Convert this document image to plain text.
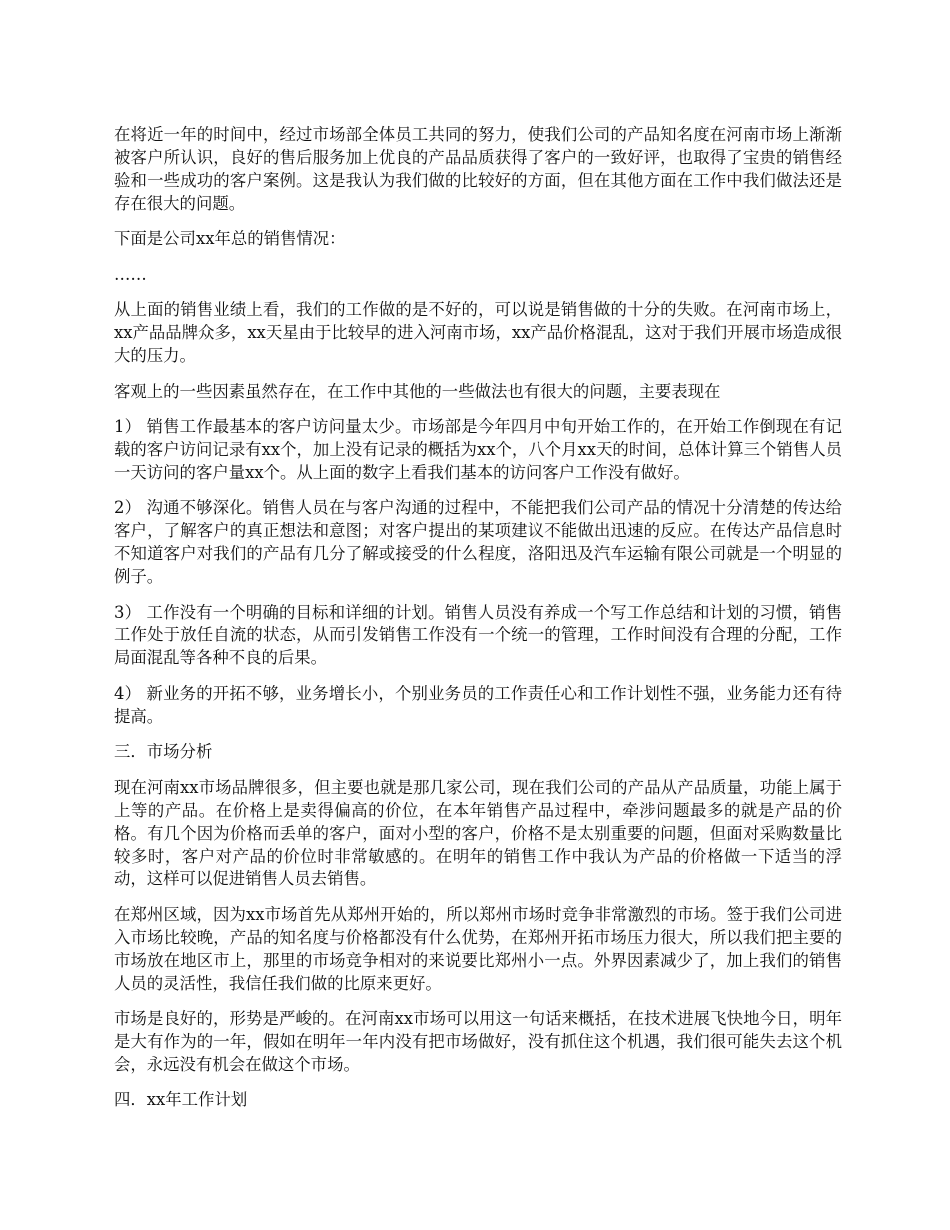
在将近一年的时间中，经过市场部全体员工共同的努力，使我们公司的产品知名度在河南市场上渐渐被客户所认识，良好的售后服务加上优良的产品品质获得了客户的一致好评，也取得了宝贵的销售经验和一些成功的客户案例。这是我认为我们做的比较好的方面，但在其他方面在工作中我们做法还是存在很大的问题。

下面是公司xx年总的销售情况：

……

从上面的销售业绩上看，我们的工作做的是不好的，可以说是销售做的十分的失败。在河南市场上，xx产品品牌众多，xx天星由于比较早的进入河南市场，xx产品价格混乱，这对于我们开展市场造成很大的压力。

客观上的一些因素虽然存在，在工作中其他的一些做法也有很大的问题，主要表现在

1） 销售工作最基本的客户访问量太少。市场部是今年四月中旬开始工作的，在开始工作倒现在有记载的客户访问记录有xx个，加上没有记录的概括为xx个，八个月xx天的时间，总体计算三个销售人员一天访问的客户量xx个。从上面的数字上看我们基本的访问客户工作没有做好。

2） 沟通不够深化。销售人员在与客户沟通的过程中，不能把我们公司产品的情况十分清楚的传达给客户，了解客户的真正想法和意图；对客户提出的某项建议不能做出迅速的反应。在传达产品信息时不知道客户对我们的产品有几分了解或接受的什么程度，洛阳迅及汽车运输有限公司就是一个明显的例子。

3） 工作没有一个明确的目标和详细的计划。销售人员没有养成一个写工作总结和计划的习惯，销售工作处于放任自流的状态，从而引发销售工作没有一个统一的管理，工作时间没有合理的分配，工作局面混乱等各种不良的后果。

4） 新业务的开拓不够，业务增长小，个别业务员的工作责任心和工作计划性不强，业务能力还有待提高。

三．市场分析

现在河南xx市场品牌很多，但主要也就是那几家公司，现在我们公司的产品从产品质量，功能上属于上等的产品。在价格上是卖得偏高的价位，在本年销售产品过程中，牵涉问题最多的就是产品的价格。有几个因为价格而丢单的客户，面对小型的客户，价格不是太别重要的问题，但面对采购数量比较多时，客户对产品的价位时非常敏感的。在明年的销售工作中我认为产品的价格做一下适当的浮动，这样可以促进销售人员去销售。

在郑州区域，因为xx市场首先从郑州开始的，所以郑州市场时竞争非常激烈的市场。签于我们公司进入市场比较晚，产品的知名度与价格都没有什么优势，在郑州开拓市场压力很大，所以我们把主要的市场放在地区市上，那里的市场竞争相对的来说要比郑州小一点。外界因素减少了，加上我们的销售人员的灵活性，我信任我们做的比原来更好。

市场是良好的，形势是严峻的。在河南xx市场可以用这一句话来概括，在技术进展飞快地今日，明年是大有作为的一年，假如在明年一年内没有把市场做好，没有抓住这个机遇，我们很可能失去这个机会，永远没有机会在做这个市场。

四．xx年工作计划
